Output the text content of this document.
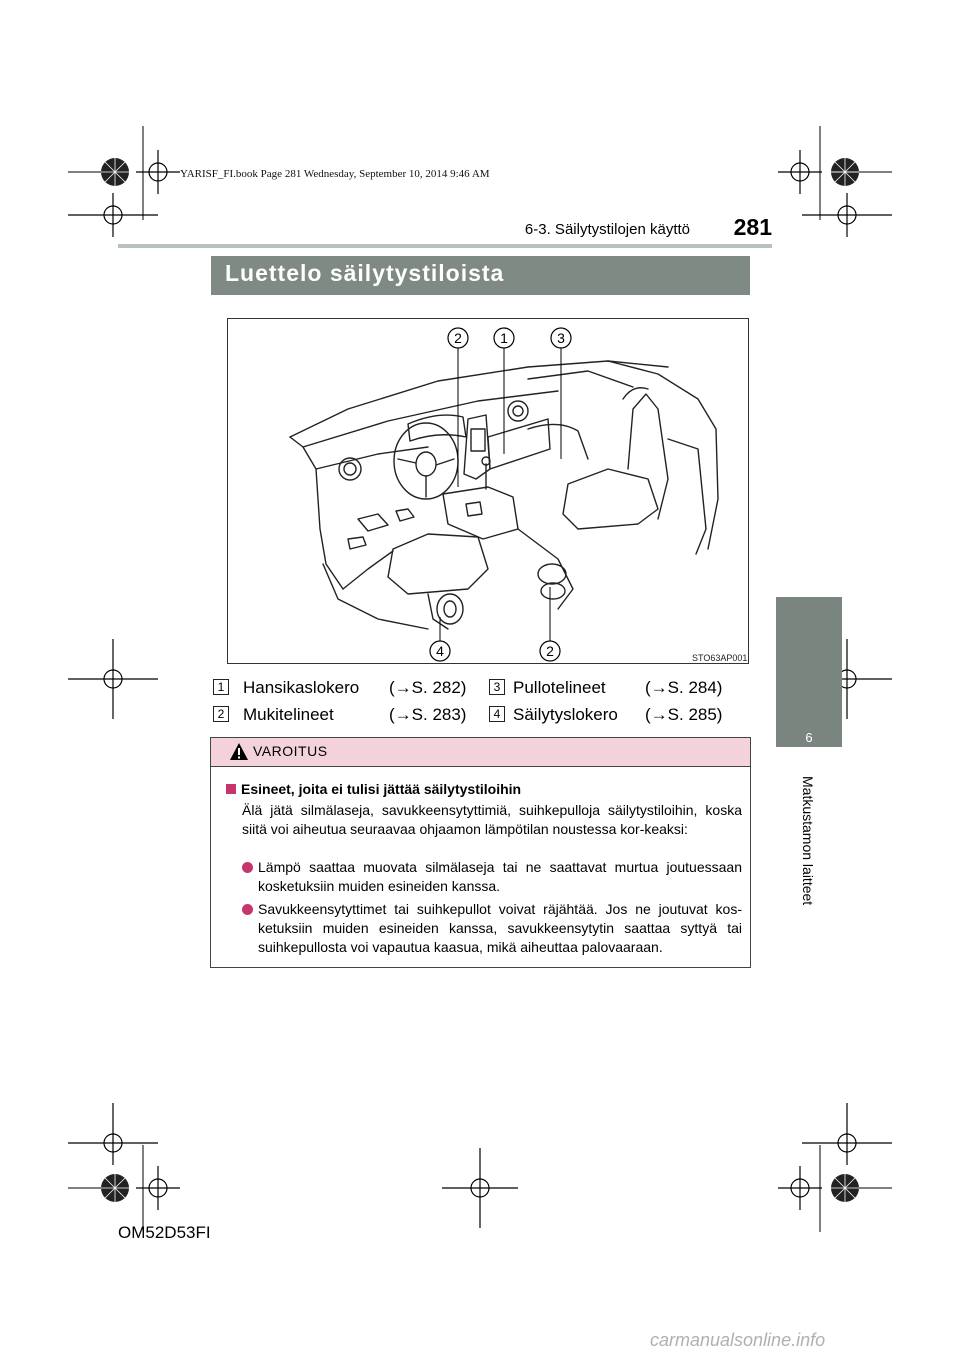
YARISF_FI.book Page 281 Wednesday, September 10, 2014 9:46 AM
6-3. Säilytystilojen käyttö	281
6
Matkustamon laitteet
Luettelo säilytystiloista
2	1	3
4	2	STO63AP001
1 Hansikaslokero (→S. 282)	3 Pullotelineet (→S. 284)
2 Mukitelineet	(→S. 283)	4 Säilytyslokero (→S. 285)
VAROITUS
Esineet, joita ei tulisi jättää säilytystiloihin
Älä jätä silmälaseja, savukkeensytyttimiä, suihkepulloja säilytystiloihin, koska siitä voi aiheutua seuraavaa ohjaamon lämpötilan noustessa kor-keaksi:
Lämpö saattaa muovata silmälaseja tai ne saattavat murtua joutuessaan kosketuksiin muiden esineiden kanssa.
Savukkeensytyttimet tai suihkepullot voivat räjähtää. Jos ne joutuvat kos-ketuksiin muiden esineiden kanssa, savukkeensytytin saattaa syttyä tai suihkepullosta voi vapautua kaasua, mikä aiheuttaa palovaaraan.
OM52D53FI
carmanualsonline.info
